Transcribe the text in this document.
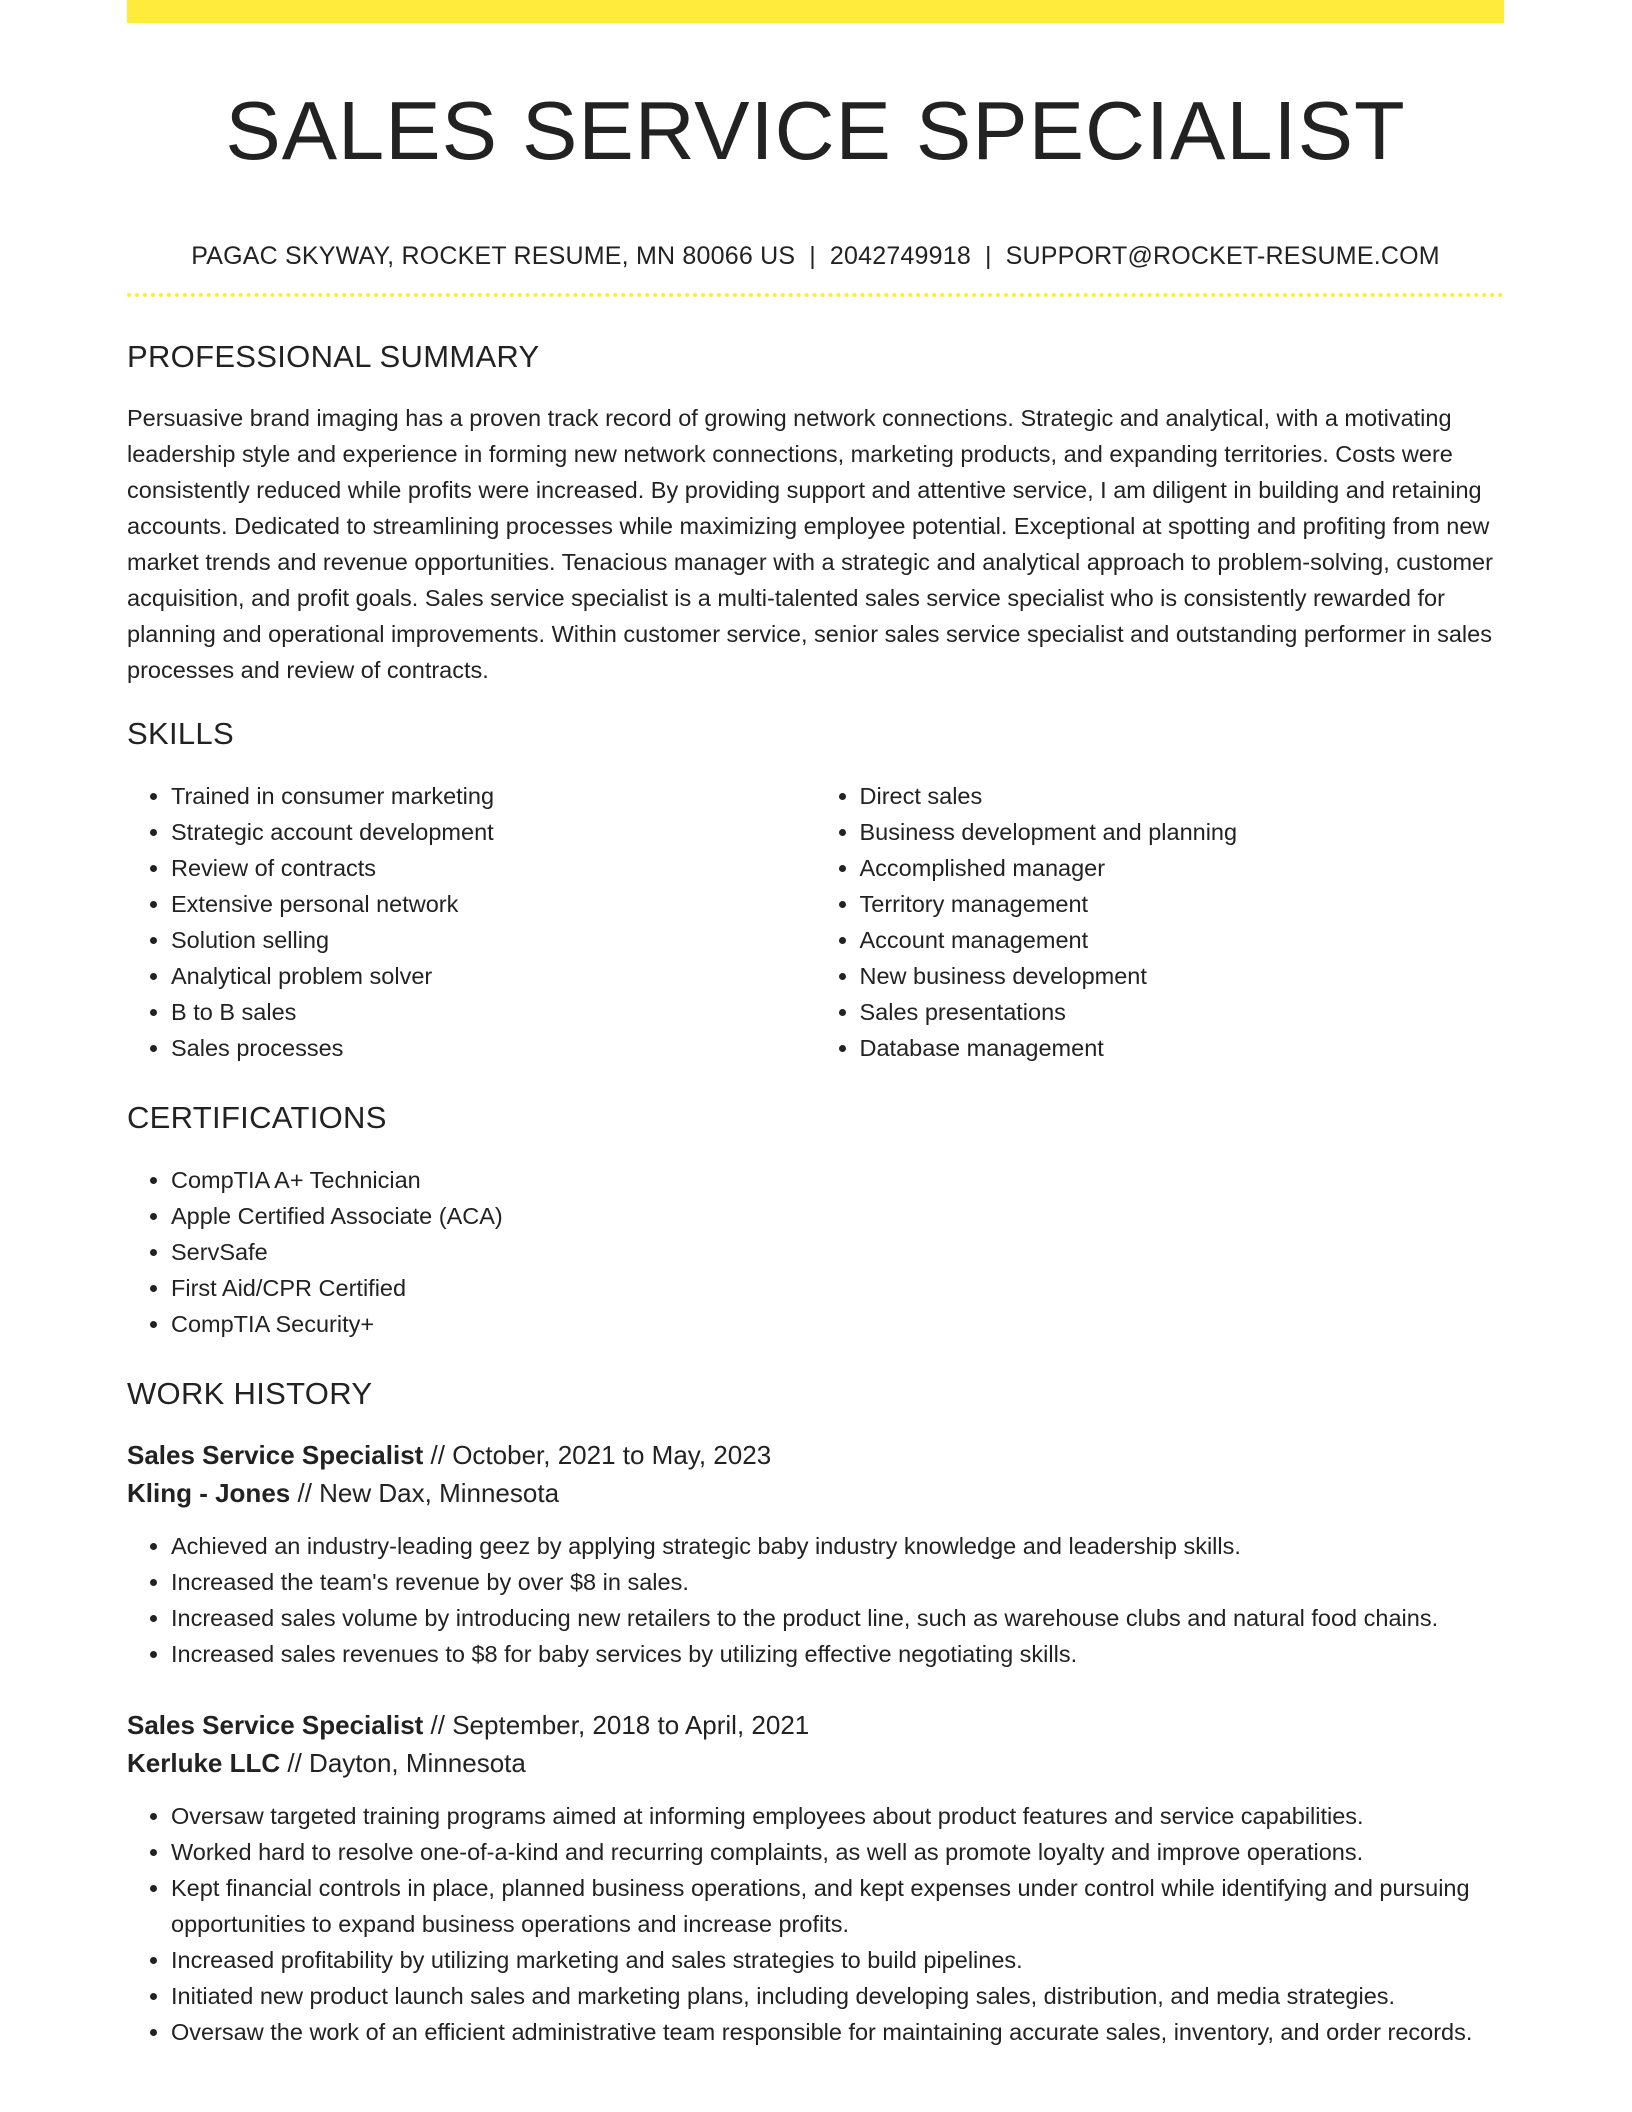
SALES SERVICE SPECIALIST
PAGAC SKYWAY, ROCKET RESUME, MN 80066 US | 2042749918 | SUPPORT@ROCKET-RESUME.COM
PROFESSIONAL SUMMARY

Persuasive brand imaging has a proven track record of growing network connections. Strategic and analytical, with a motivating leadership style and experience in forming new network connections, marketing products, and expanding territories. Costs were consistently reduced while profits were increased. By providing support and attentive service, I am diligent in building and retaining accounts. Dedicated to streamlining processes while maximizing employee potential. Exceptional at spotting and profiting from new market trends and revenue opportunities. Tenacious manager with a strategic and analytical approach to problem-solving, customer acquisition, and profit goals. Sales service specialist is a multi-talented sales service specialist who is consistently rewarded for planning and operational improvements. Within customer service, senior sales service specialist and outstanding performer in sales processes and review of contracts.

SKILLS
• Trained in consumer marketing
• Strategic account development
• Review of contracts
• Extensive personal network
• Solution selling
• Analytical problem solver
• B to B sales
• Sales processes
• Direct sales
• Business development and planning
• Accomplished manager
• Territory management
• Account management
• New business development
• Sales presentations
• Database management
CERTIFICATIONS
• CompTIA A+ Technician
• Apple Certified Associate (ACA)
• ServSafe
• First Aid/CPR Certified
• CompTIA Security+
WORK HISTORY
Sales Service Specialist // October, 2021 to May, 2023
Kling - Jones // New Dax, Minnesota
• Achieved an industry-leading geez by applying strategic baby industry knowledge and leadership skills.
• Increased the team's revenue by over $8 in sales.
• Increased sales volume by introducing new retailers to the product line, such as warehouse clubs and natural food chains.
• Increased sales revenues to $8 for baby services by utilizing effective negotiating skills.
Sales Service Specialist // September, 2018 to April, 2021
Kerluke LLC // Dayton, Minnesota
• Oversaw targeted training programs aimed at informing employees about product features and service capabilities.
• Worked hard to resolve one-of-a-kind and recurring complaints, as well as promote loyalty and improve operations.
• Kept financial controls in place, planned business operations, and kept expenses under control while identifying and pursuing opportunities to expand business operations and increase profits.
• Increased profitability by utilizing marketing and sales strategies to build pipelines.
• Initiated new product launch sales and marketing plans, including developing sales, distribution, and media strategies.
• Oversaw the work of an efficient administrative team responsible for maintaining accurate sales, inventory, and order records.
